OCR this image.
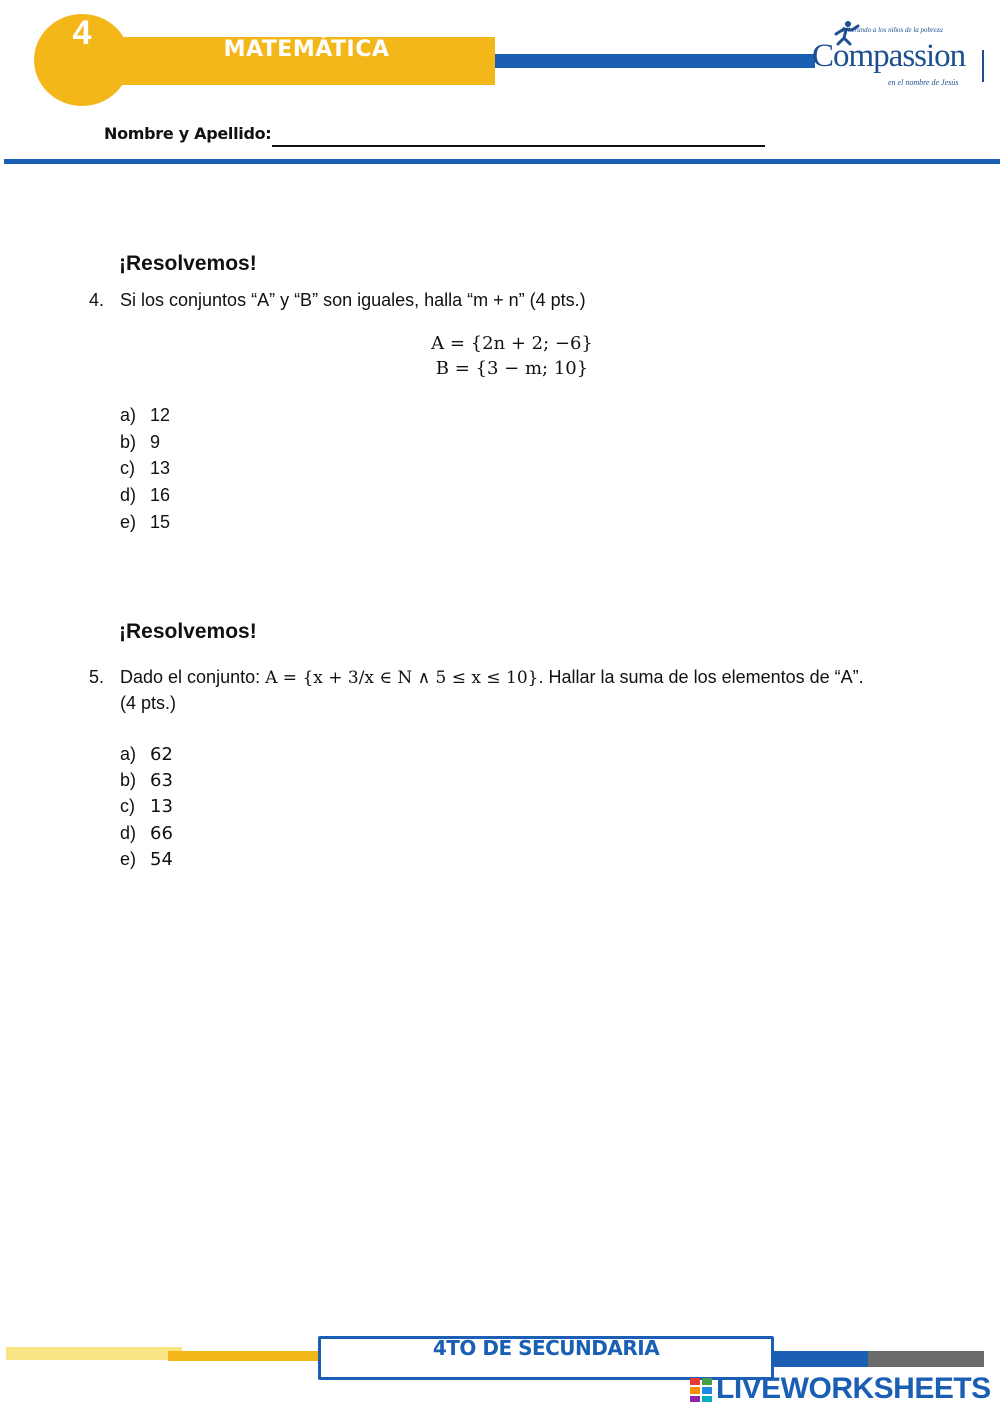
4	MATEMÁTICA
Liberando a los niños de la pobreza
Compassion
en el nombre de Jesús
Nombre y Apellido:
¡Resolvemos!
4. Si los conjuntos “A” y “B” son iguales, halla “m + n” (4 pts.)
A = {2n + 2; −6}
B = {3 − m; 10}
a) 12
b) 9
c) 13
d) 16
e) 15
¡Resolvemos!
5. Dado el conjunto: A = {x + 3/x ∈ N ∧ 5 ≤ x ≤ 10}. Hallar la suma de los elementos de “A”.
(4 pts.)
a) 62
b) 63
c) 13
d) 66
e) 54
4TO DE SECUNDARIA
LIVEWORKSHEETS
